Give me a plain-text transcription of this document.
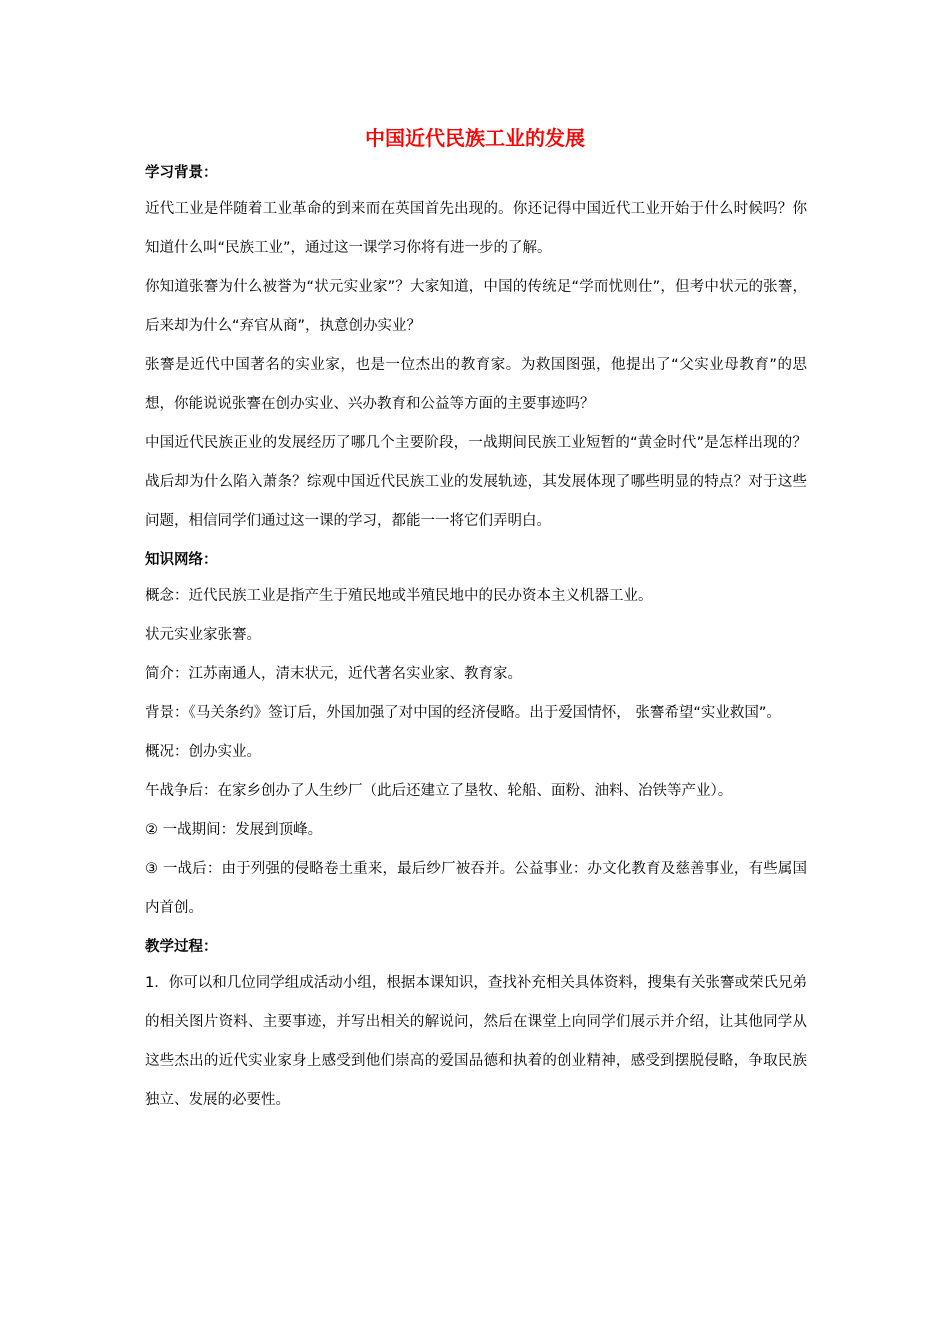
中国近代民族工业的发展
学习背景：

近代工业是伴随着工业革命的到来而在英国首先出现的。你还记得中国近代工业开始于什么时候吗？你知道什么叫“民族工业”，通过这一课学习你将有进一步的了解。

你知道张謇为什么被誉为“状元实业家”？大家知道，中国的传统足“学而忧则仕”，但考中状元的张謇，后来却为什么“弃官从商”，执意创办实业？

张謇是近代中国著名的实业家，也是一位杰出的教育家。为救国图强，他提出了“父实业母教育”的思想，你能说说张謇在创办实业、兴办教育和公益等方面的主要事迹吗？

中国近代民族正业的发展经历了哪几个主要阶段，一战期间民族工业短暂的“黄金时代”是怎样出现的？战后却为什么陷入萧条？综观中国近代民族工业的发展轨迹，其发展体现了哪些明显的特点？对于这些问题，相信同学们通过这一课的学习，都能一一将它们弄明白。

知识网络：

概念：近代民族工业是指产生于殖民地或半殖民地中的民办资本主义机器工业。

状元实业家张謇。

简介：江苏南通人，清末状元，近代著名实业家、教育家。

背景：《马关条约》签订后，外国加强了对中国的经济侵略。出于爱国情怀， 张謇希望“实业救国”。

概况：创办实业。

午战争后：在家乡创办了人生纱厂（此后还建立了垦牧、轮船、面粉、油料、冶铁等产业）。

② 一战期间：发展到顶峰。

③ 一战后：由于列强的侵略卷土重来，最后纱厂被吞并。公益事业：办文化教育及慈善事业，有些属国内首创。

教学过程：

1．你可以和几位同学组成活动小组，根据本课知识，查找补充相关具体资料，搜集有关张謇或荣氏兄弟的相关图片资料、主要事迹，并写出相关的解说问，然后在课堂上向同学们展示并介绍，让其他同学从这些杰出的近代实业家身上感受到他们崇高的爱国品德和执着的创业精神，感受到摆脱侵略，争取民族独立、发展的必要性。
